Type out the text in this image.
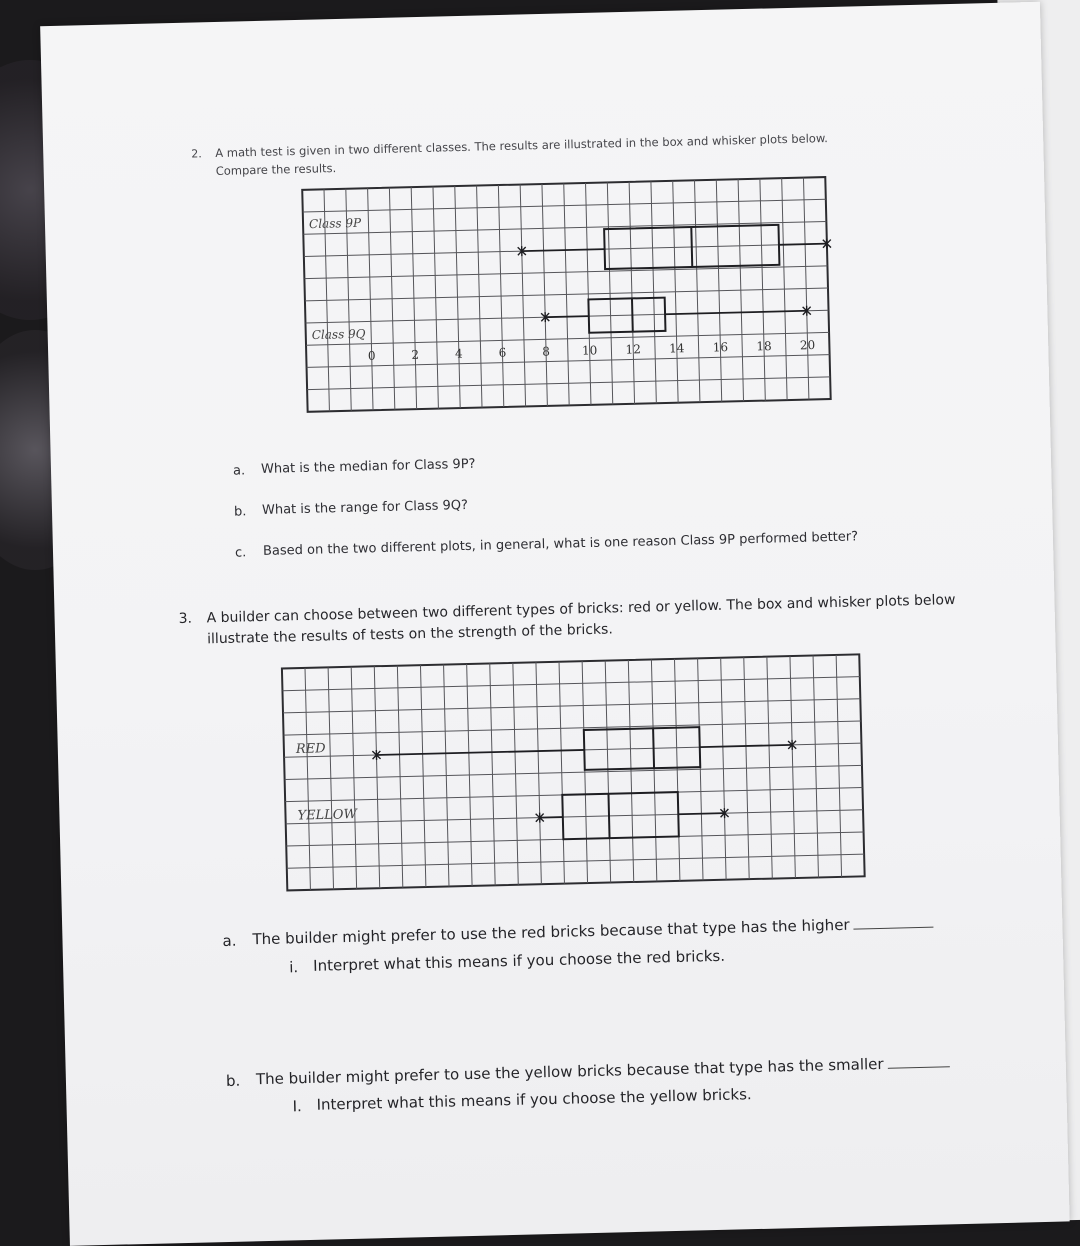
2. A math test is given in two different classes. The results are illustrated in the box and whisker plots below.
Compare the results.
Class 9P
Class 9Q
0	2	4	6	8	10 12 14 16 18 20
a. What is the median for Class 9P?
b. What is the range for Class 9Q?
c. Based on the two different plots, in general, what is one reason Class 9P performed better?
3. A builder can choose between two different types of bricks: red or yellow. The box and whisker plots below
illustrate the results of tests on the strength of the bricks.
RED
YELLOW
a. The builder might prefer to use the red bricks because that type has the higher
i. Interpret what this means if you choose the red bricks.
b. The builder might prefer to use the yellow bricks because that type has the smaller
I. Interpret what this means if you choose the yellow bricks.
